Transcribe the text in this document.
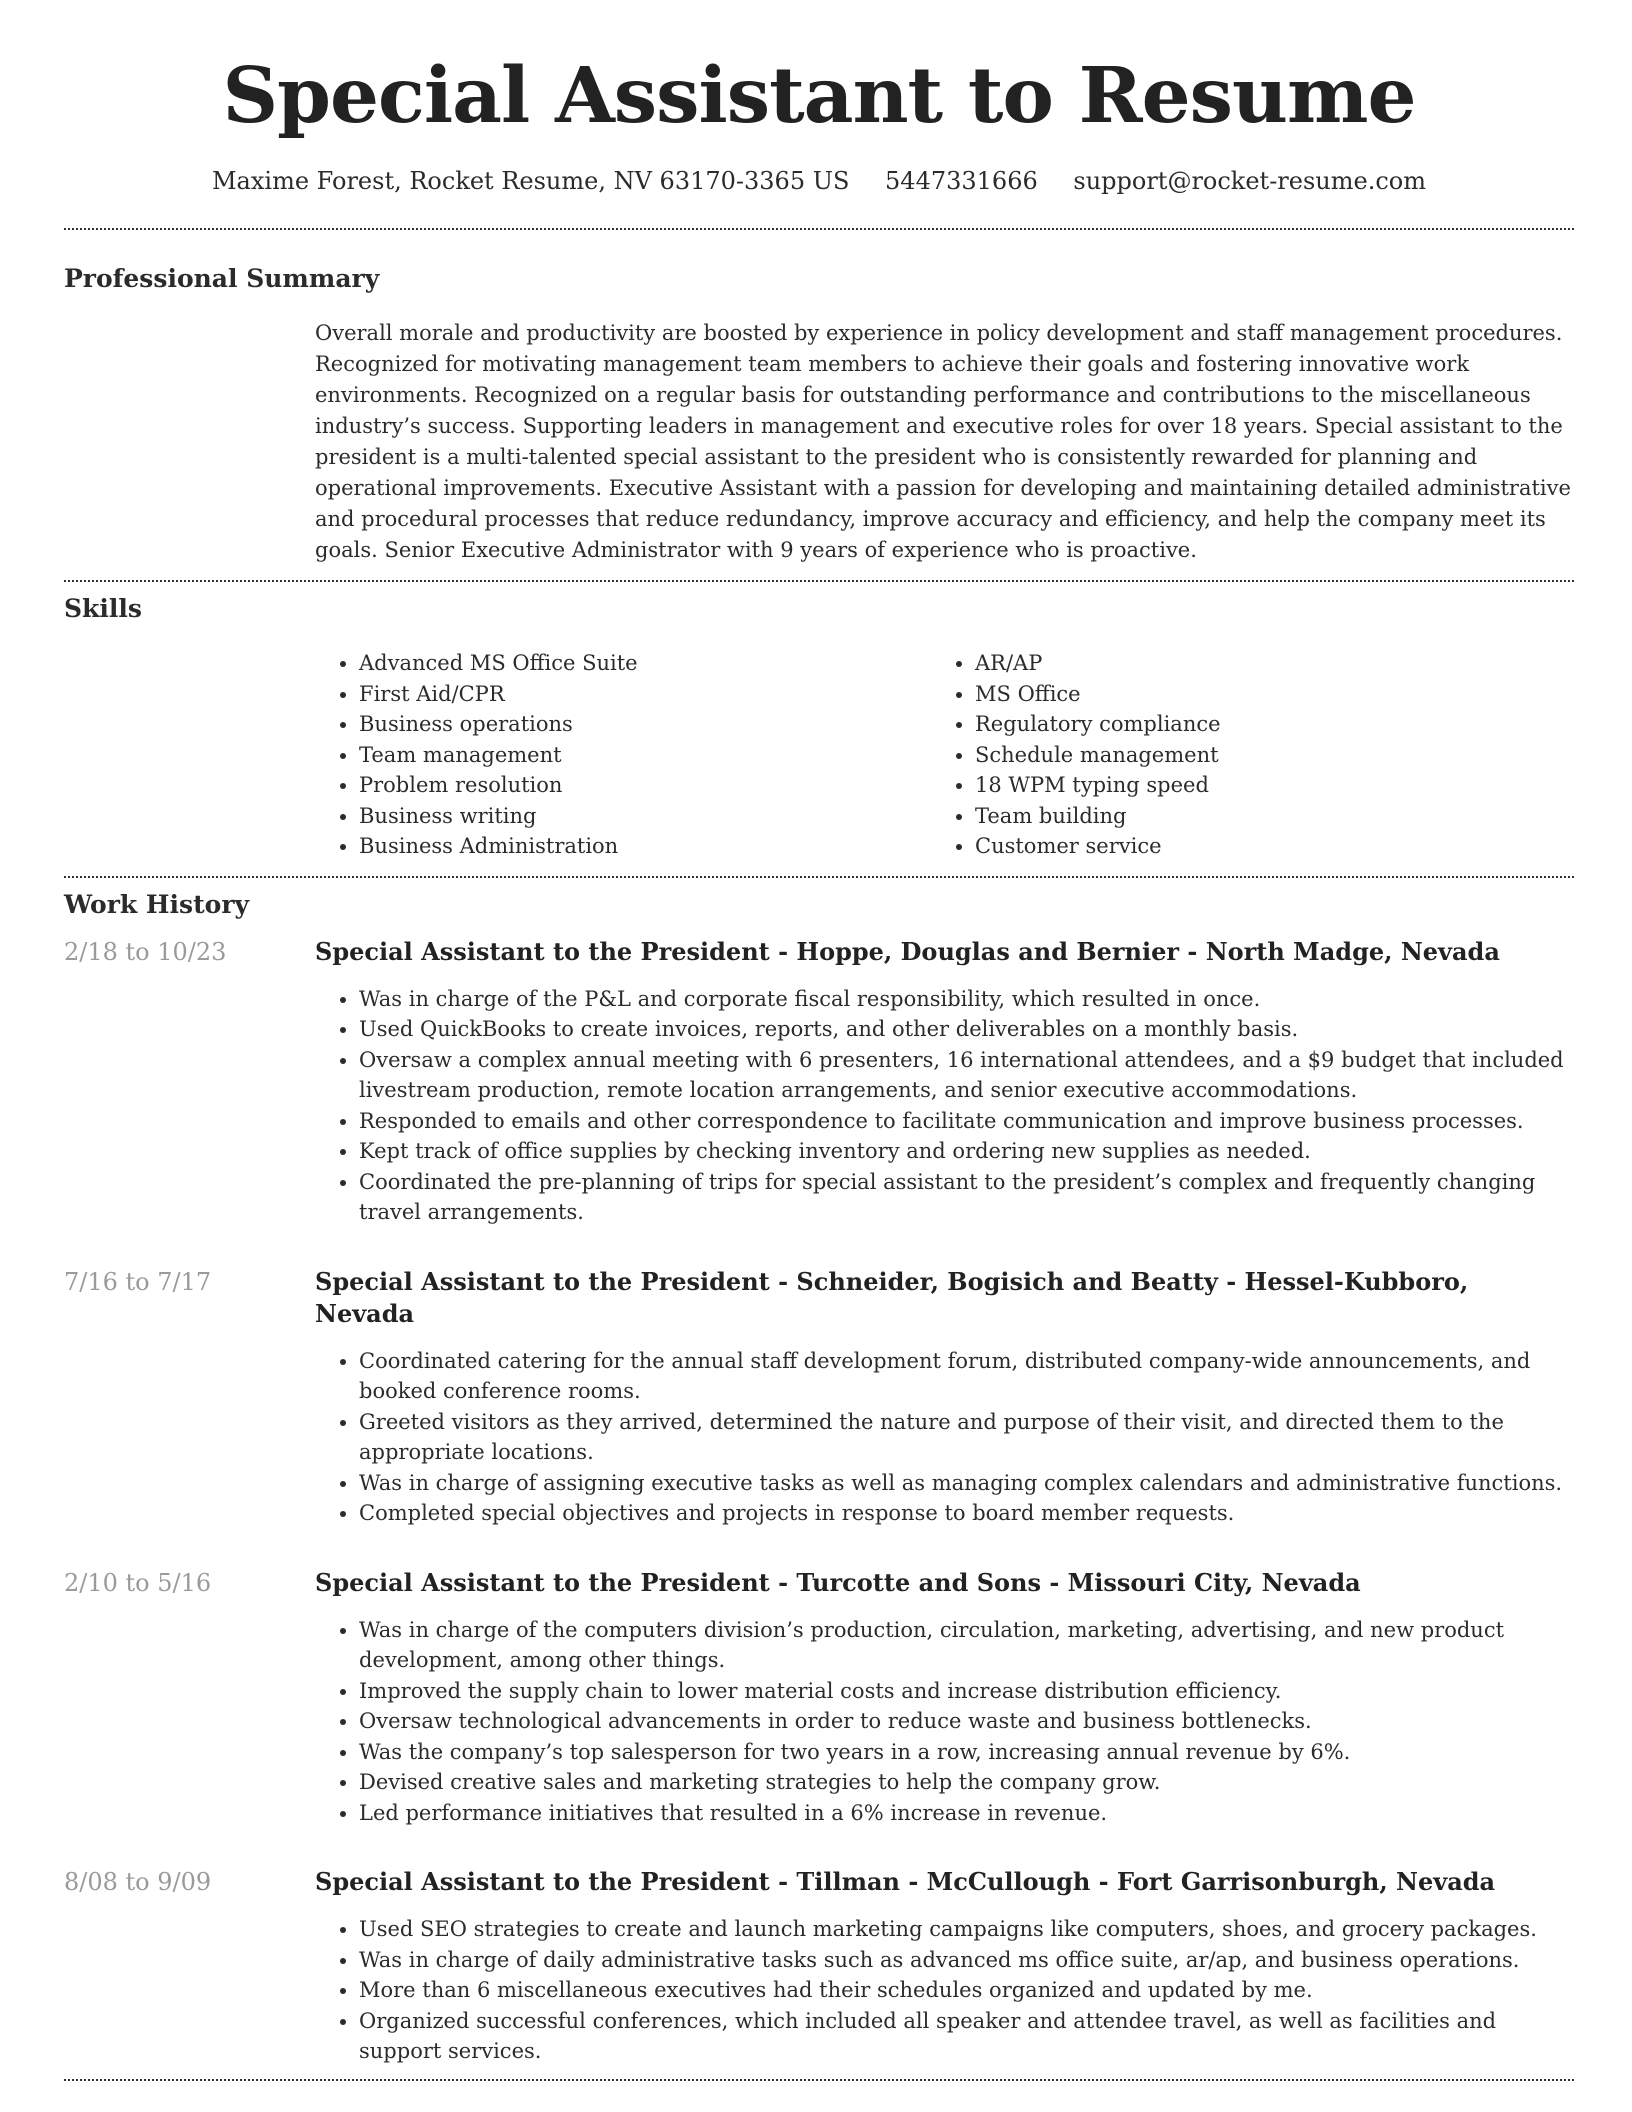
Special Assistant to Resume
Maxime Forest, Rocket Resume, NV 63170-3365 US 5447331666 support@rocket-resume.com
Professional Summary

Overall morale and productivity are boosted by experience in policy development and staff management procedures. Recognized for motivating management team members to achieve their goals and fostering innovative work environments. Recognized on a regular basis for outstanding performance and contributions to the miscellaneous industry’s success. Supporting leaders in management and executive roles for over 18 years. Special assistant to the president is a multi-talented special assistant to the president who is consistently rewarded for planning and operational improvements. Executive Assistant with a passion for developing and maintaining detailed administrative and procedural processes that reduce redundancy, improve accuracy and efficiency, and help the company meet its goals. Senior Executive Administrator with 9 years of experience who is proactive.

Skills
• Advanced MS Office Suite
• First Aid/CPR
• Business operations
• Team management
• Problem resolution
• Business writing
• Business Administration
• AR/AP
• MS Office
• Regulatory compliance
• Schedule management
• 18 WPM typing speed
• Team building
• Customer service
Work History
2/18 to 10/23	Special Assistant to the President - Hoppe, Douglas and Bernier - North Madge, Nevada
• Was in charge of the P&L and corporate fiscal responsibility, which resulted in once.
• Used QuickBooks to create invoices, reports, and other deliverables on a monthly basis.
• Oversaw a complex annual meeting with 6 presenters, 16 international attendees, and a $9 budget that included livestream production, remote location arrangements, and senior executive accommodations.
• Responded to emails and other correspondence to facilitate communication and improve business processes.
• Kept track of office supplies by checking inventory and ordering new supplies as needed.
• Coordinated the pre-planning of trips for special assistant to the president’s complex and frequently changing travel arrangements.
7/16 to 7/17	Special Assistant to the President - Schneider, Bogisich and Beatty - Hessel-Kubboro, Nevada
• Coordinated catering for the annual staff development forum, distributed company-wide announcements, and booked conference rooms.
• Greeted visitors as they arrived, determined the nature and purpose of their visit, and directed them to the appropriate locations.
• Was in charge of assigning executive tasks as well as managing complex calendars and administrative functions.
• Completed special objectives and projects in response to board member requests.
2/10 to 5/16	Special Assistant to the President - Turcotte and Sons - Missouri City, Nevada
• Was in charge of the computers division’s production, circulation, marketing, advertising, and new product development, among other things.
• Improved the supply chain to lower material costs and increase distribution efficiency.
• Oversaw technological advancements in order to reduce waste and business bottlenecks.
• Was the company’s top salesperson for two years in a row, increasing annual revenue by 6%.
• Devised creative sales and marketing strategies to help the company grow.
• Led performance initiatives that resulted in a 6% increase in revenue.
8/08 to 9/09	Special Assistant to the President - Tillman - McCullough - Fort Garrisonburgh, Nevada
• Used SEO strategies to create and launch marketing campaigns like computers, shoes, and grocery packages.
• Was in charge of daily administrative tasks such as advanced ms office suite, ar/ap, and business operations.
• More than 6 miscellaneous executives had their schedules organized and updated by me.
• Organized successful conferences, which included all speaker and attendee travel, as well as facilities and support services.
